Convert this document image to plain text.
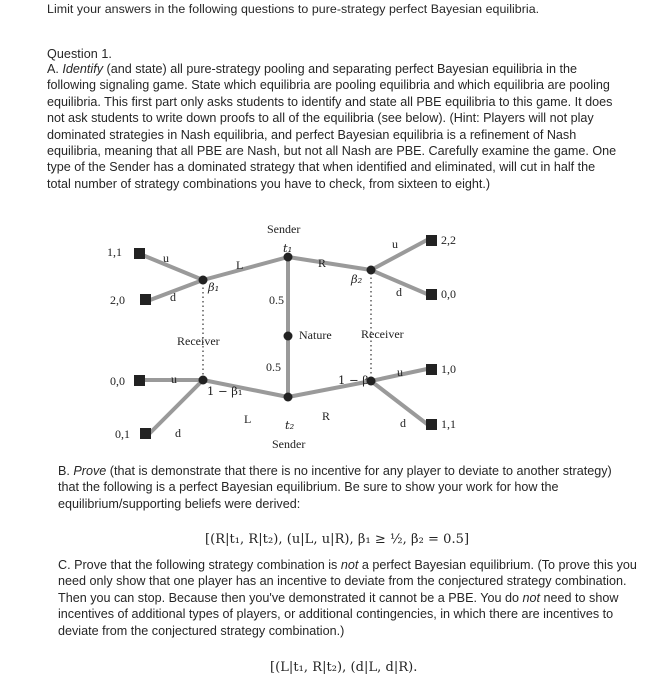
Limit your answers in the following questions to pure-strategy perfect Bayesian equilibria.
Question 1.
A. Identify (and state) all pure-strategy pooling and separating perfect Bayesian equilibria in the
following signaling game. State which equilibria are pooling equilibria and which equilibria are pooling
equilibria. This first part only asks students to identify and state all PBE equilibria to this game. It does
not ask students to write down proofs to all of the equilibria (see below). (Hint: Players will not play
dominated strategies in Nash equilibria, and perfect Bayesian equilibria is a refinement of Nash
equilibria, meaning that all PBE are Nash, but not all Nash are PBE. Carefully examine the game. One
type of the Sender has a dominated strategy that when identified and eliminated, will cut in half the
total number of strategy combinations you have to check, from sixteen to eight.)
Sender
t₁
L	R
0.5
Nature
0.5
L	R
t₂
Sender
Receiver	Receiver
β₁
1 − β₁
β₂
1 − β₂
u
d
u
d
u
d
u
d
1,1
2,0
0,0
0,1
2,2
0,0
1,0
1,1
B. Prove (that is demonstrate that there is no incentive for any player to deviate to another strategy)
that the following is a perfect Bayesian equilibrium. Be sure to show your work for how the
equilibrium/supporting beliefs were derived:
[(R|t₁, R|t₂), (u|L, u|R), β₁ ≥ ½, β₂ = 0.5]
C. Prove that the following strategy combination is not a perfect Bayesian equilibrium. (To prove this you
need only show that one player has an incentive to deviate from the conjectured strategy combination.
Then you can stop. Because then you've demonstrated it cannot be a PBE. You do not need to show
incentives of additional types of players, or additional contingencies, in which there are incentives to
deviate from the conjectured strategy combination.)
[(L|t₁, R|t₂), (d|L, d|R).
